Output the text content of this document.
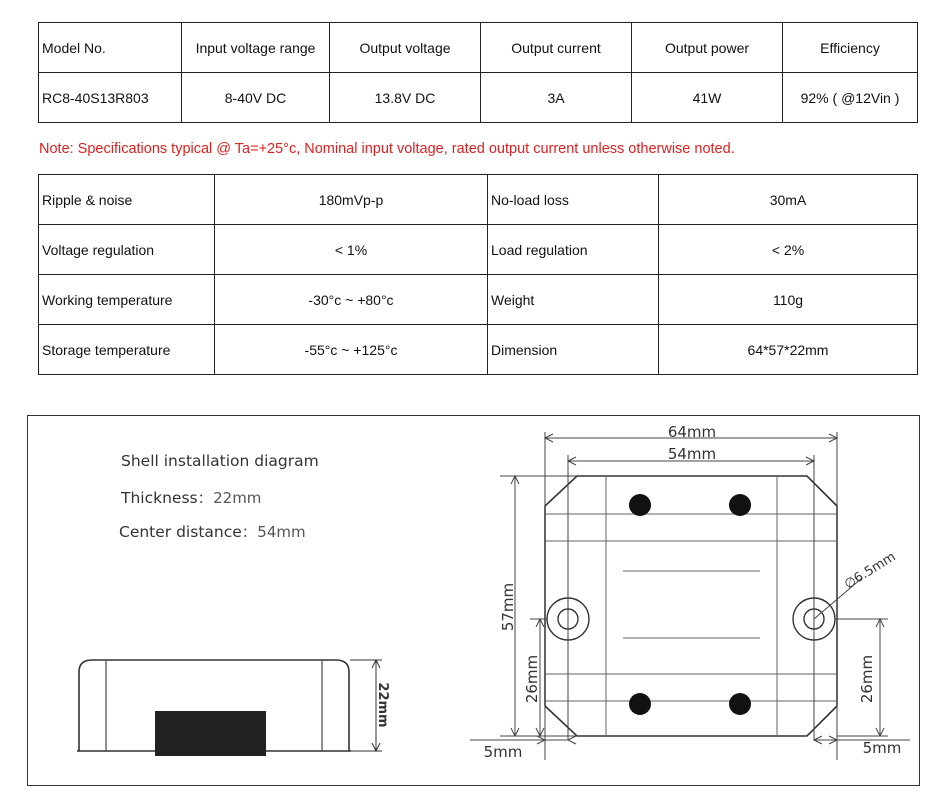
Model No.	Input voltage range	Output voltage	Output current	Output power	Efficiency
RC8-40S13R803	8-40V DC	13.8V DC	3A	41W	92% ( @12Vin )
Note: Specifications typical @ Ta=+25°c, Nominal input voltage, rated output current unless otherwise noted.
Ripple & noise	180mVp-p	No-load loss	30mA
Voltage regulation	< 1%	Load regulation	< 2%
Working temperature	-30°c ~ +80°c	Weight	110g
Storage temperature	-55°c ~ +125°c	Dimension	64*57*22mm
Shell installation diagram
Thickness：22mm
Center distance：54mm
22mm
64mm
54mm
57mm
26mm	26mm
5mm	5mm
∅6.5mm
